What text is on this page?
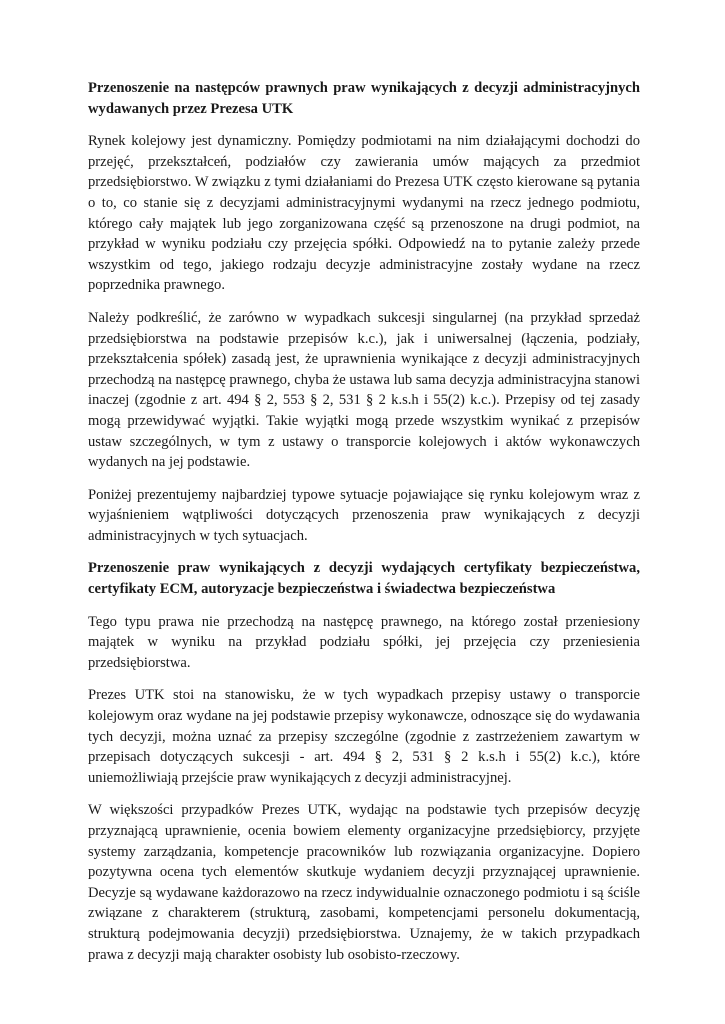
Przenoszenie na następców prawnych praw wynikających z decyzji administracyjnych wydawanych przez Prezesa UTK

Rynek kolejowy jest dynamiczny. Pomiędzy podmiotami na nim działającymi dochodzi do przejęć, przekształceń, podziałów czy zawierania umów mających za przedmiot przedsiębiorstwo. W związku z tymi działaniami do Prezesa UTK często kierowane są pytania o to, co stanie się z decyzjami administracyjnymi wydanymi na rzecz jednego podmiotu, którego cały majątek lub jego zorganizowana część są przenoszone na drugi podmiot, na przykład w wyniku podziału czy przejęcia spółki. Odpowiedź na to pytanie zależy przede wszystkim od tego, jakiego rodzaju decyzje administracyjne zostały wydane na rzecz poprzednika prawnego.

Należy podkreślić, że zarówno w wypadkach sukcesji singularnej (na przykład sprzedaż przedsiębiorstwa na podstawie przepisów k.c.), jak i uniwersalnej (łączenia, podziały, przekształcenia spółek) zasadą jest, że uprawnienia wynikające z decyzji administracyjnych przechodzą na następcę prawnego, chyba że ustawa lub sama decyzja administracyjna stanowi inaczej (zgodnie z art. 494 § 2, 553 § 2, 531 § 2 k.s.h i 55(2) k.c.). Przepisy od tej zasady mogą przewidywać wyjątki. Takie wyjątki mogą przede wszystkim wynikać z przepisów ustaw szczególnych, w tym z ustawy o transporcie kolejowych i aktów wykonawczych wydanych na jej podstawie.

Poniżej prezentujemy najbardziej typowe sytuacje pojawiające się rynku kolejowym wraz z wyjaśnieniem wątpliwości dotyczących przenoszenia praw wynikających z decyzji administracyjnych w tych sytuacjach.

Przenoszenie praw wynikających z decyzji wydających certyfikaty bezpieczeństwa, certyfikaty ECM, autoryzacje bezpieczeństwa i świadectwa bezpieczeństwa

Tego typu prawa nie przechodzą na następcę prawnego, na którego został przeniesiony majątek w wyniku na przykład podziału spółki, jej przejęcia czy przeniesienia przedsiębiorstwa.

Prezes UTK stoi na stanowisku, że w tych wypadkach przepisy ustawy o transporcie kolejowym oraz wydane na jej podstawie przepisy wykonawcze, odnoszące się do wydawania tych decyzji, można uznać za przepisy szczególne (zgodnie z zastrzeżeniem zawartym w przepisach dotyczących sukcesji - art. 494 § 2, 531 § 2 k.s.h i 55(2) k.c.), które uniemożliwiają przejście praw wynikających z decyzji administracyjnej.

W większości przypadków Prezes UTK, wydając na podstawie tych przepisów decyzję przyznającą uprawnienie, ocenia bowiem elementy organizacyjne przedsiębiorcy, przyjęte systemy zarządzania, kompetencje pracowników lub rozwiązania organizacyjne. Dopiero pozytywna ocena tych elementów skutkuje wydaniem decyzji przyznającej uprawnienie. Decyzje są wydawane każdorazowo na rzecz indywidualnie oznaczonego podmiotu i są ściśle związane z charakterem (strukturą, zasobami, kompetencjami personelu dokumentacją, strukturą podejmowania decyzji) przedsiębiorstwa. Uznajemy, że w takich przypadkach prawa z decyzji mają charakter osobisty lub osobisto-rzeczowy.
